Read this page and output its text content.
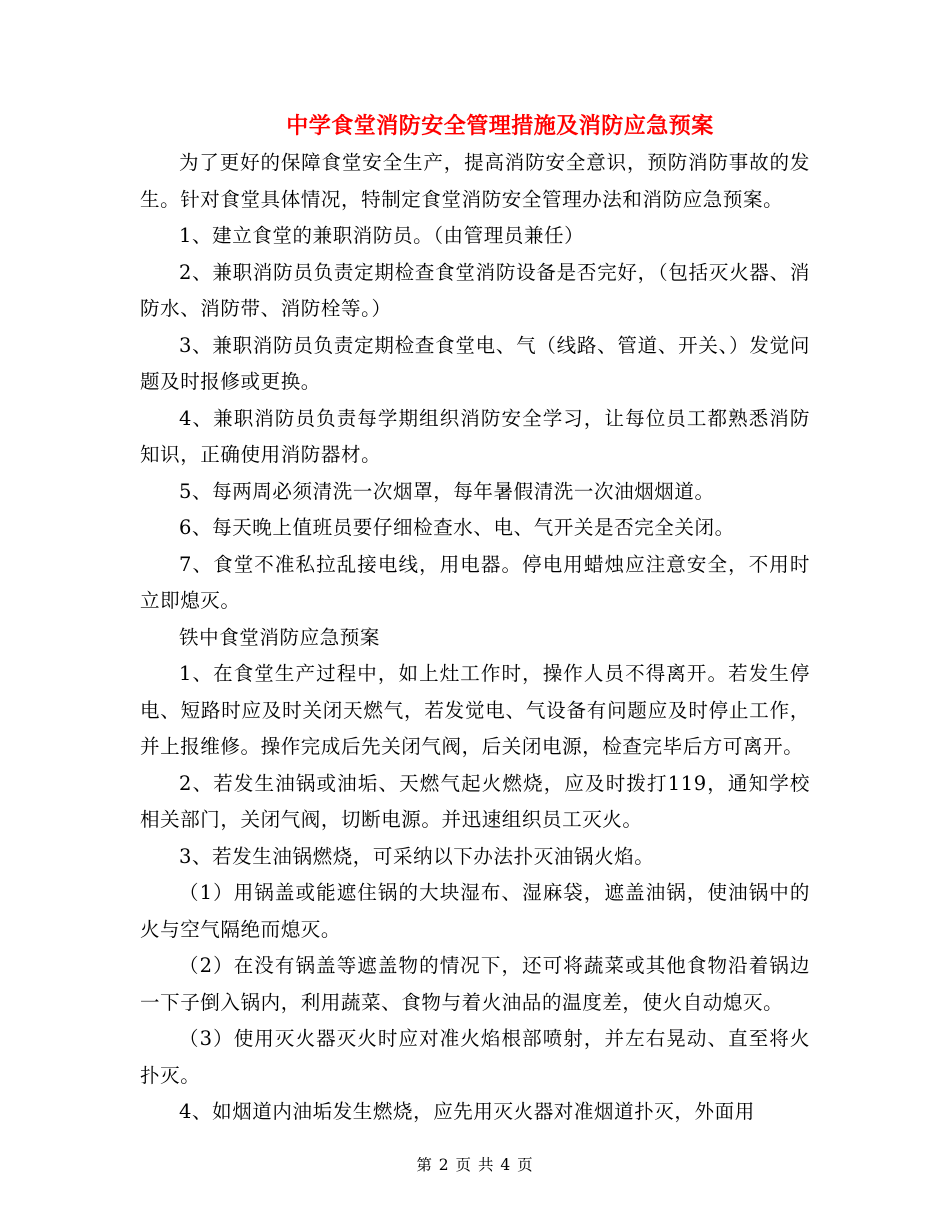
中学食堂消防安全管理措施及消防应急预案

为了更好的保障食堂安全生产，提高消防安全意识，预防消防事故的发生。针对食堂具体情况，特制定食堂消防安全管理办法和消防应急预案。

1、建立食堂的兼职消防员。（由管理员兼任）

2、兼职消防员负责定期检查食堂消防设备是否完好，（包括灭火器、消防水、消防带、消防栓等。）

3、兼职消防员负责定期检查食堂电、气（线路、管道、开关、）发觉问题及时报修或更换。

4、兼职消防员负责每学期组织消防安全学习，让每位员工都熟悉消防知识，正确使用消防器材。

5、每两周必须清洗一次烟罩，每年暑假清洗一次油烟烟道。

6、每天晚上值班员要仔细检查水、电、气开关是否完全关闭。

7、食堂不准私拉乱接电线，用电器。停电用蜡烛应注意安全，不用时立即熄灭。

铁中食堂消防应急预案

1、在食堂生产过程中，如上灶工作时，操作人员不得离开。若发生停电、短路时应及时关闭天燃气，若发觉电、气设备有问题应及时停止工作，并上报维修。操作完成后先关闭气阀，后关闭电源，检查完毕后方可离开。

2、若发生油锅或油垢、天燃气起火燃烧，应及时拨打119，通知学校相关部门，关闭气阀，切断电源。并迅速组织员工灭火。

3、若发生油锅燃烧，可采纳以下办法扑灭油锅火焰。

（1）用锅盖或能遮住锅的大块湿布、湿麻袋，遮盖油锅，使油锅中的火与空气隔绝而熄灭。

（2）在没有锅盖等遮盖物的情况下，还可将蔬菜或其他食物沿着锅边一下子倒入锅内，利用蔬菜、食物与着火油品的温度差，使火自动熄灭。

（3）使用灭火器灭火时应对准火焰根部喷射，并左右晃动、直至将火扑灭。

4、如烟道内油垢发生燃烧，应先用灭火器对准烟道扑灭，外面用

第 2 页 共 4 页
